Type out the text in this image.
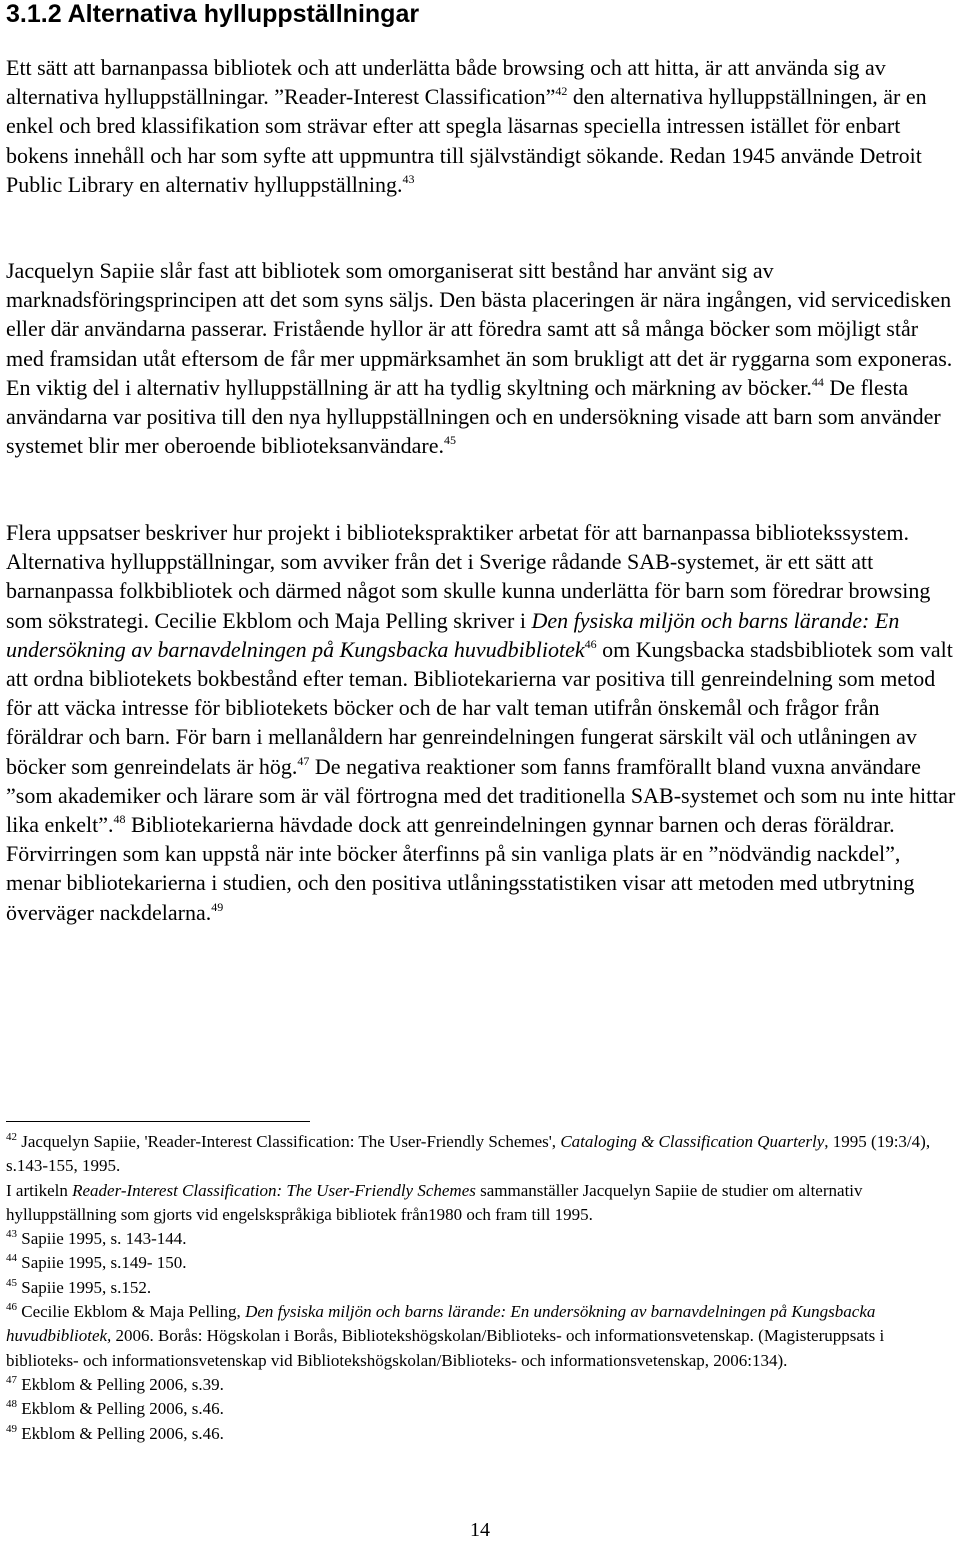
3.1.2 Alternativa hylluppställningar

Ett sätt att barnanpassa bibliotek och att underlätta både browsing och att hitta, är att använda sig av alternativa hylluppställningar. ”Reader-Interest Classification”$^{42}$ den alternativa hylluppställningen, är en enkel och bred klassifikation som strävar efter att spegla läsarnas speciella intressen istället för enbart bokens innehåll och har som syfte att uppmuntra till självständigt sökande. Redan 1945 använde Detroit Public Library en alternativ hylluppställning.$^{43}$

Jacquelyn Sapiie slår fast att bibliotek som omorganiserat sitt bestånd har använt sig av marknadsföringsprincipen att det som syns säljs. Den bästa placeringen är nära ingången, vid servicedisken eller där användarna passerar. Fristående hyllor är att föredra samt att så många böcker som möjligt står med framsidan utåt eftersom de får mer uppmärksamhet än som brukligt att det är ryggarna som exponeras. En viktig del i alternativ hylluppställning är att ha tydlig skyltning och märkning av böcker.$^{44}$ De flesta användarna var positiva till den nya hylluppställningen och en undersökning visade att barn som använder systemet blir mer oberoende biblioteksanvändare.$^{45}$

Flera uppsatser beskriver hur projekt i bibliotekspraktiker arbetat för att barnanpassa bibliotekssystem. Alternativa hylluppställningar, som avviker från det i Sverige rådande SAB-systemet, är ett sätt att barnanpassa folkbibliotek och därmed något som skulle kunna underlätta för barn som föredrar browsing som sökstrategi. Cecilie Ekblom och Maja Pelling skriver i Den fysiska miljön och barns lärande: En undersökning av barnavdelningen på Kungsbacka huvudbibliotek$^{46}$ om Kungsbacka stadsbibliotek som valt att ordna bibliotekets bokbestånd efter teman. Bibliotekarierna var positiva till genreindelning som metod för att väcka intresse för bibliotekets böcker och de har valt teman utifrån önskemål och frågor från föräldrar och barn. För barn i mellanåldern har genreindelningen fungerat särskilt väl och utlåningen av böcker som genreindelats är hög.$^{47}$ De negativa reaktioner som fanns framförallt bland vuxna användare ”som akademiker och lärare som är väl förtrogna med det traditionella SAB-systemet och som nu inte hittar lika enkelt”.$^{48}$ Bibliotekarierna hävdade dock att genreindelningen gynnar barnen och deras föräldrar. Förvirringen som kan uppstå när inte böcker återfinns på sin vanliga plats är en ”nödvändig nackdel”, menar bibliotekarierna i studien, och den positiva utlåningsstatistiken visar att metoden med utbrytning överväger nackdelarna.$^{49}$

$^{42}$ Jacquelyn Sapiie, 'Reader-Interest Classification: The User-Friendly Schemes', Cataloging & Classification Quarterly, 1995 (19:3/4), s.143-155, 1995.

I artikeln Reader-Interest Classification: The User-Friendly Schemes sammanställer Jacquelyn Sapiie de studier om alternativ hylluppställning som gjorts vid engelskspråkiga bibliotek från1980 och fram till 1995.

$^{43}$ Sapiie 1995, s. 143-144.

$^{44}$ Sapiie 1995, s.149- 150.

$^{45}$ Sapiie 1995, s.152.

$^{46}$ Cecilie Ekblom & Maja Pelling, Den fysiska miljön och barns lärande: En undersökning av barnavdelningen på Kungsbacka huvudbibliotek, 2006. Borås: Högskolan i Borås, Bibliotekshögskolan/Biblioteks- och informationsvetenskap. (Magisteruppsats i biblioteks- och informationsvetenskap vid Bibliotekshögskolan/Biblioteks- och informationsvetenskap, 2006:134).

$^{47}$ Ekblom & Pelling 2006, s.39.

$^{48}$ Ekblom & Pelling 2006, s.46.

$^{49}$ Ekblom & Pelling 2006, s.46.

14
